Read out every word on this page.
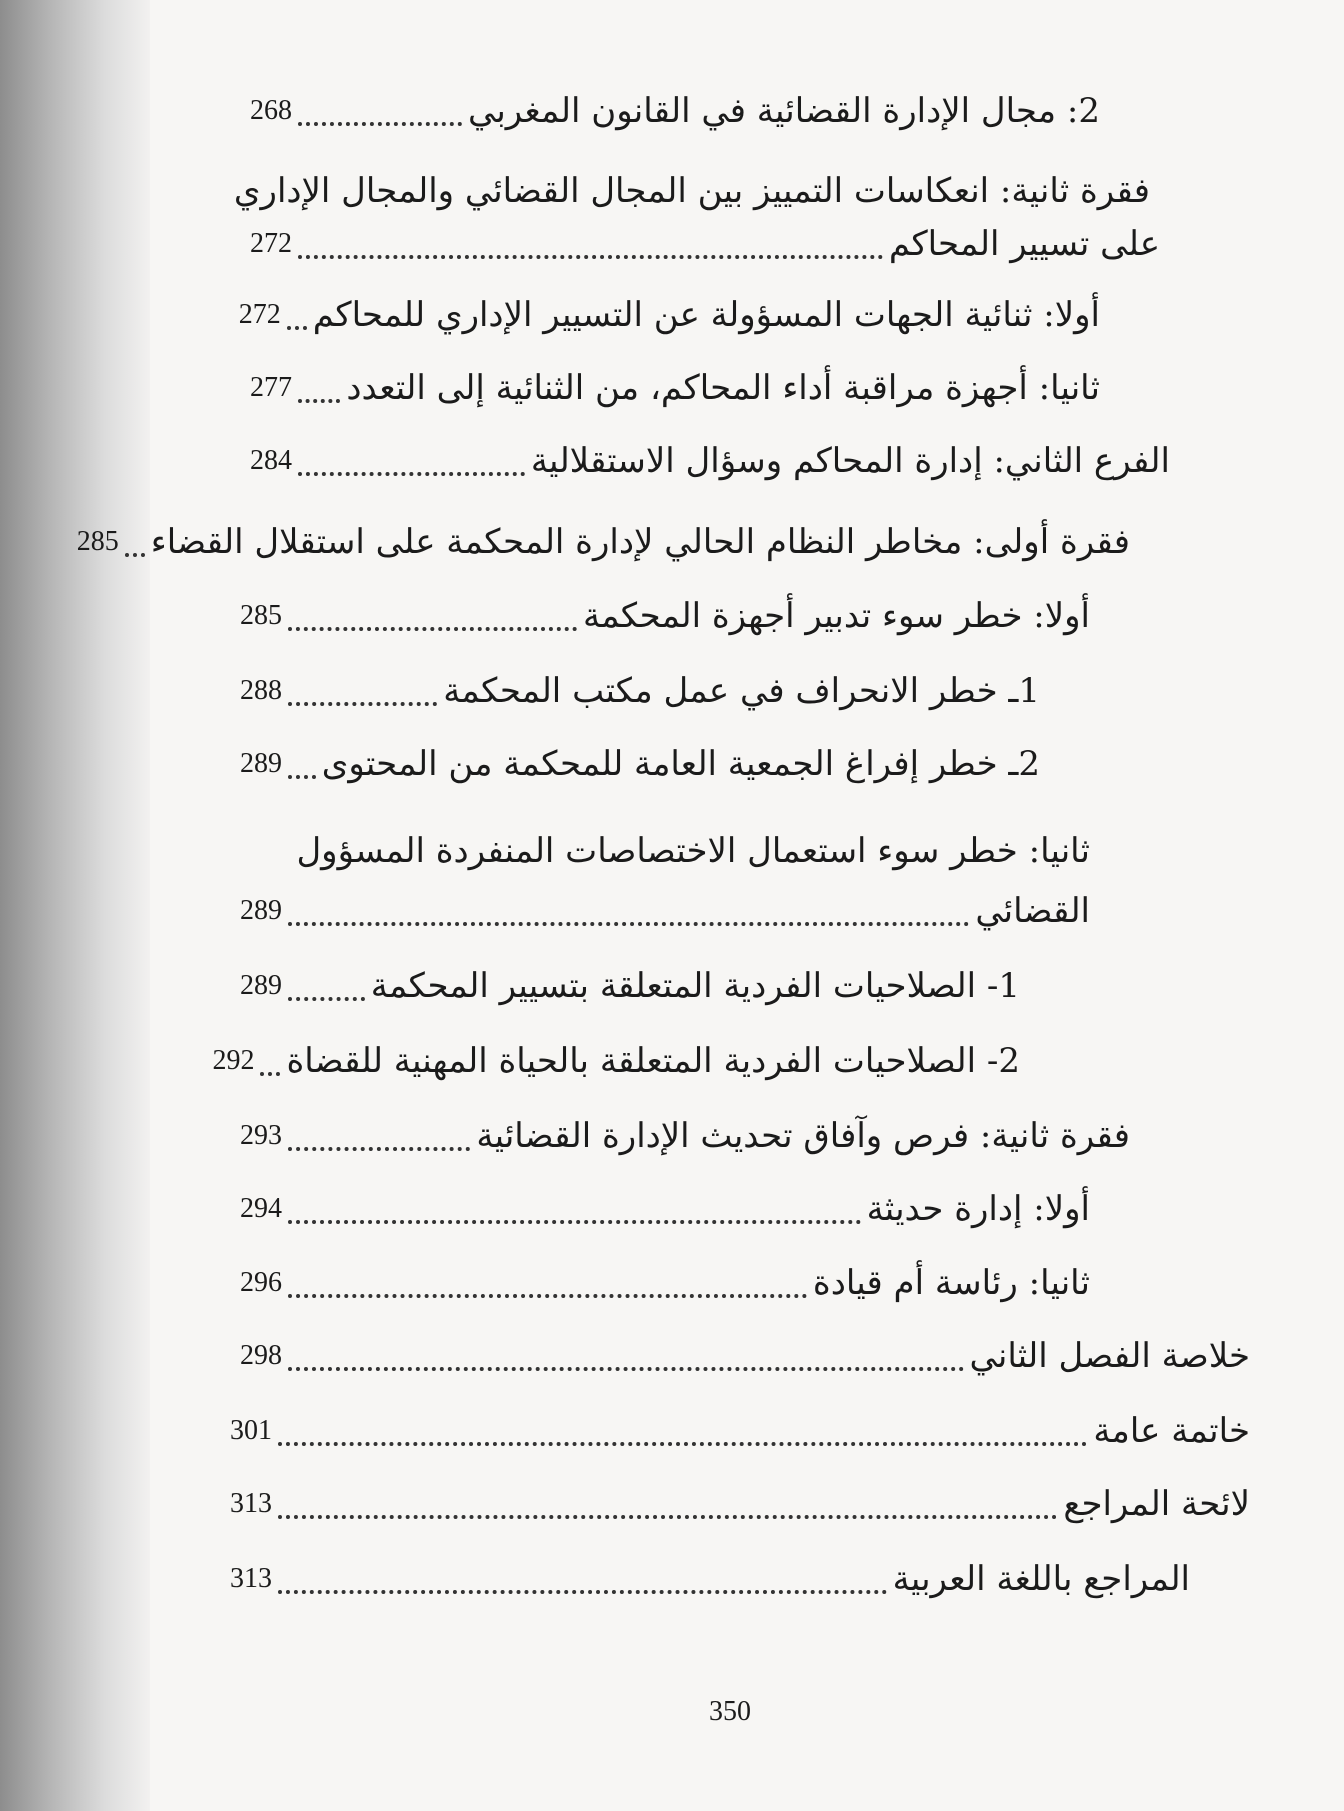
2: مجال الإدارة القضائية في القانون المغربي
268
فقرة ثانية: انعكاسات التمييز بين المجال القضائي والمجال الإداري
على تسيير المحاكم
272
أولا: ثنائية الجهات المسؤولة عن التسيير الإداري للمحاكم
272
ثانيا: أجهزة مراقبة أداء المحاكم، من الثنائية إلى التعدد
277
الفرع الثاني: إدارة المحاكم وسؤال الاستقلالية
284
فقرة أولى: مخاطر النظام الحالي لإدارة المحكمة على استقلال القضاء
285
أولا: خطر سوء تدبير أجهزة المحكمة
285
1ـ خطر الانحراف في عمل مكتب المحكمة
288
2ـ خطر إفراغ الجمعية العامة للمحكمة من المحتوى
289
ثانيا: خطر سوء استعمال الاختصاصات المنفردة المسؤول
القضائي
289
1- الصلاحيات الفردية المتعلقة بتسيير المحكمة
289
2- الصلاحيات الفردية المتعلقة بالحياة المهنية للقضاة
292
فقرة ثانية: فرص وآفاق تحديث الإدارة القضائية
293
أولا: إدارة حديثة
294
ثانيا: رئاسة أم قيادة
296
خلاصة الفصل الثاني
298
خاتمة عامة
301
لائحة المراجع
313
المراجع باللغة العربية
313
350
